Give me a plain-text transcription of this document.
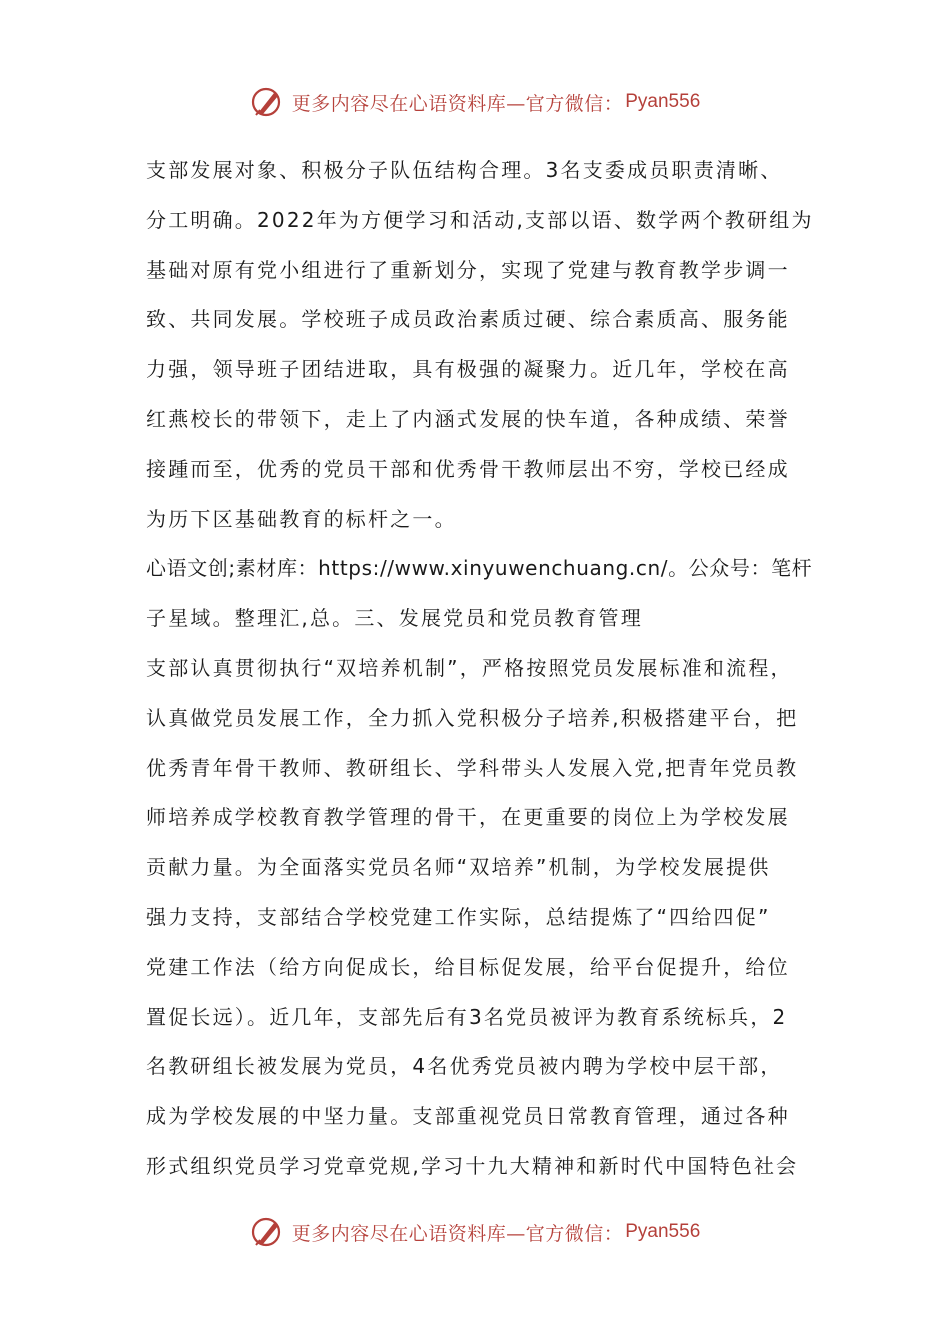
更多内容尽在心语资料库—官方微信： Pyan556
支部发展对象、积极分子队伍结构合理。3名支委成员职责清晰、
分工明确。2022年为方便学习和活动,支部以语、数学两个教研组为
基础对原有党小组进行了重新划分，实现了党建与教育教学步调一
致、共同发展。学校班子成员政治素质过硬、综合素质高、服务能
力强，领导班子团结进取，具有极强的凝聚力。近几年，学校在高
红燕校长的带领下，走上了内涵式发展的快车道，各种成绩、荣誉
接踵而至，优秀的党员干部和优秀骨干教师层出不穷，学校已经成
为历下区基础教育的标杆之一。
心语文创;素材库：https://www.xinyuwenchuang.cn/。公众号：笔杆
子星域。整理汇,总。三、发展党员和党员教育管理
支部认真贯彻执行“双培养机制”，严格按照党员发展标准和流程，
认真做党员发展工作，全力抓入党积极分子培养,积极搭建平台，把
优秀青年骨干教师、教研组长、学科带头人发展入党,把青年党员教
师培养成学校教育教学管理的骨干，在更重要的岗位上为学校发展
贡献力量。为全面落实党员名师“双培养”机制，为学校发展提供
强力支持，支部结合学校党建工作实际，总结提炼了“四给四促”
党建工作法（给方向促成长，给目标促发展，给平台促提升，给位
置促长远）。近几年，支部先后有3名党员被评为教育系统标兵，2
名教研组长被发展为党员，4名优秀党员被内聘为学校中层干部，
成为学校发展的中坚力量。支部重视党员日常教育管理，通过各种
形式组织党员学习党章党规,学习十九大精神和新时代中国特色社会
更多内容尽在心语资料库—官方微信： Pyan556
